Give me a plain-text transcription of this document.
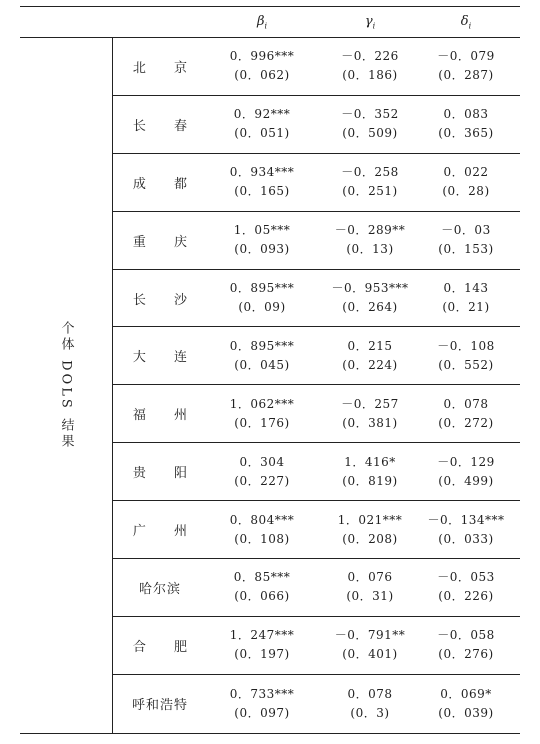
$\beta_i$	$\gamma_i$	$\delta_i$
个体 DOLS 结果
北 京
0．996***
(0．062)
－0．226
(0．186)
－0．079
(0．287)
长 春
0．92***
(0．051)
－0．352
(0．509)
0．083
(0．365)
成 都
0．934***
(0．165)
－0．258
(0．251)
0．022
(0．28)
重 庆
1．05***
(0．093)
－0．289**
(0．13)
－0．03
(0．153)
长 沙
0．895***
(0．09)
－0．953***
(0．264)
0．143
(0．21)
大 连
0．895***
(0．045)
0．215
(0．224)
－0．108
(0．552)
福 州
1．062***
(0．176)
－0．257
(0．381)
0．078
(0．272)
贵 阳
0．304
(0．227)
1．416*
(0．819)
－0．129
(0．499)
广 州
0．804***
(0．108)
1．021***
(0．208)
－0．134***
(0．033)
哈尔滨
0．85***
(0．066)
0．076
(0．31)
－0．053
(0．226)
合 肥
1．247***
(0．197)
－0．791**
(0．401)
－0．058
(0．276)
呼和浩特
0．733***
(0．097)
0．078
(0．3)
0．069*
(0．039)
